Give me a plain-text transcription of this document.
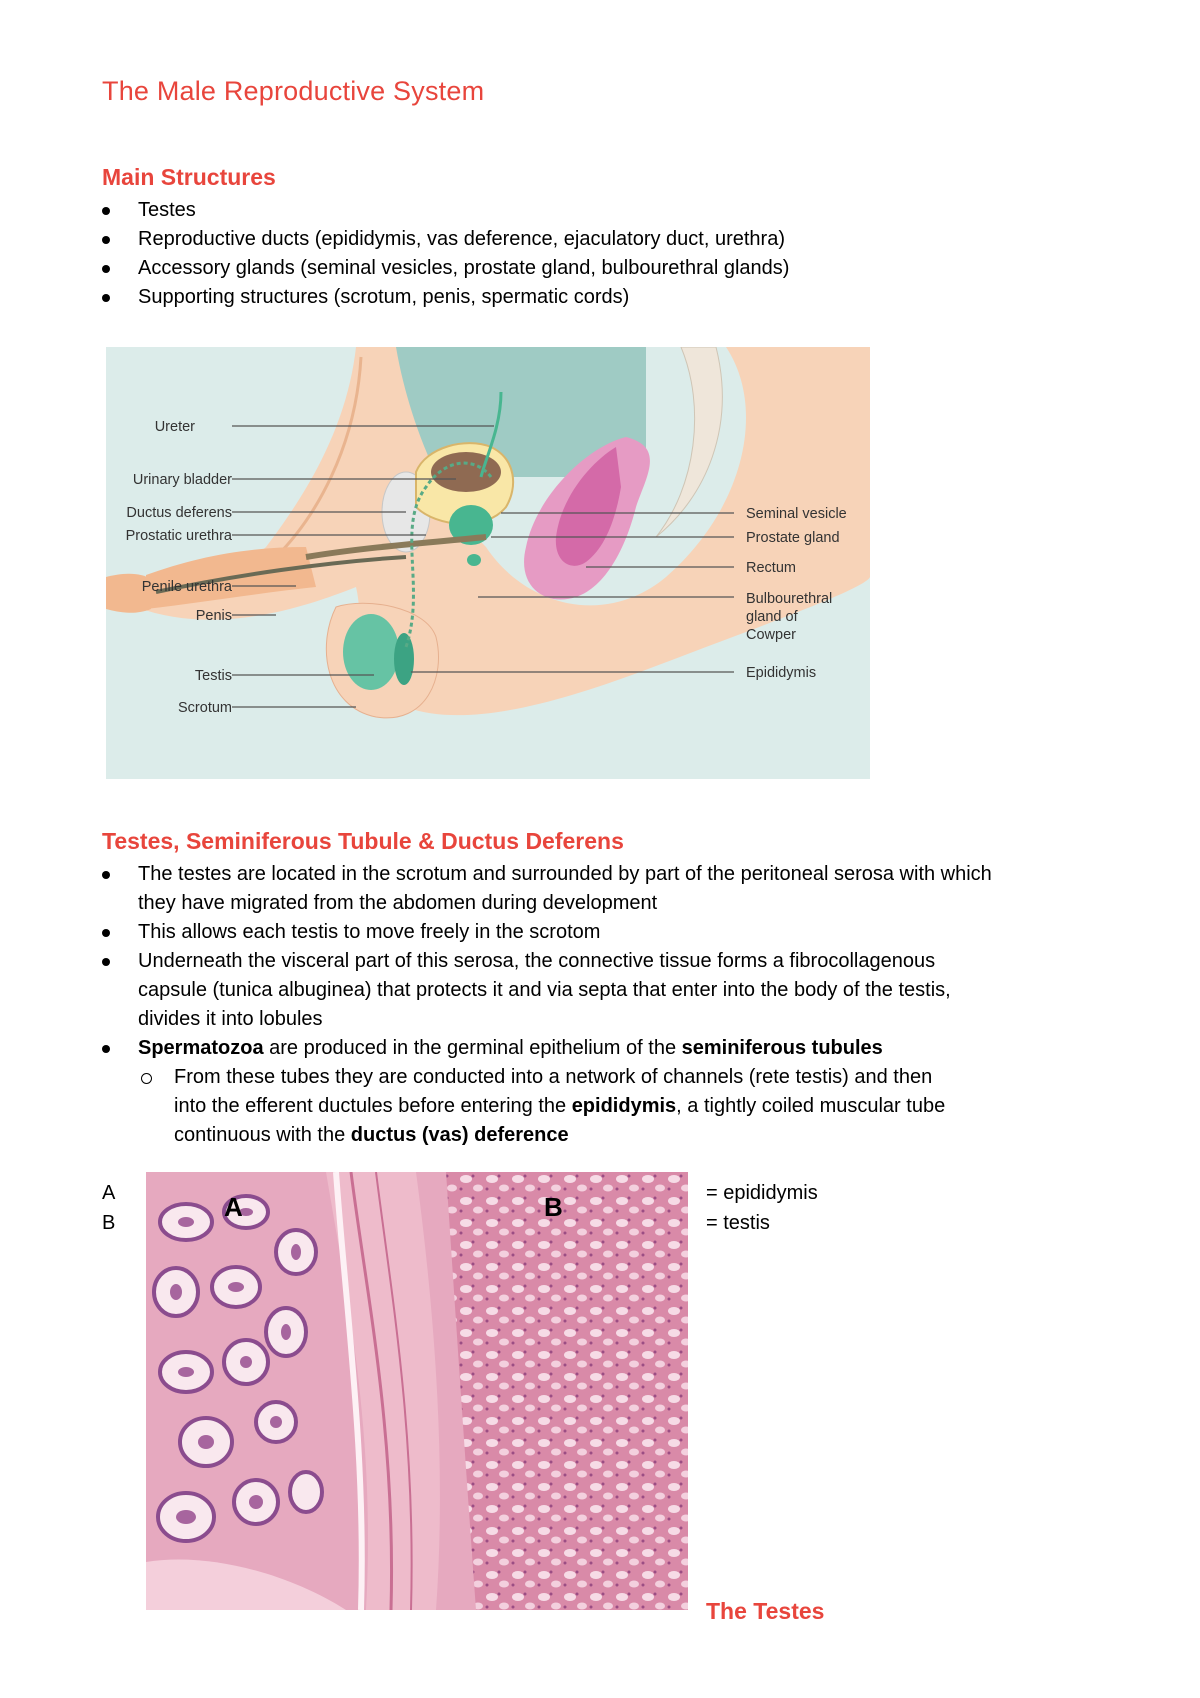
The Male Reproductive System
Main Structures
Testes
Reproductive ducts (epididymis, vas deference, ejaculatory duct, urethra)
Accessory glands (seminal vesicles, prostate gland, bulbourethral glands)
Supporting structures (scrotum, penis, spermatic cords)
Ureter
Urinary bladder
Ductus deferens
Prostatic urethra
Penile urethra
Penis
Testis
Scrotum
Seminal vesicle
Prostate gland
Rectum
Bulbourethral
gland of
Cowper
Epididymis
Testes, Seminiferous Tubule & Ductus Deferens
The testes are located in the scrotum and surrounded by part of the peritoneal serosa with which
they have migrated from the abdomen during development
This allows each testis to move freely in the scrotom
Underneath the visceral part of this serosa, the connective tissue forms a fibrocollagenous
capsule (tunica albuginea) that protects it and via septa that enter into the body of the testis,
divides it into lobules
Spermatozoa are produced in the germinal epithelium of the seminiferous tubules
From these tubes they are conducted into a network of channels (rete testis) and then
into the efferent ductules before entering the epididymis, a tightly coiled muscular tube
continuous with the ductus (vas) deference
A
B
= epididymis
= testis
A	B
The Testes
